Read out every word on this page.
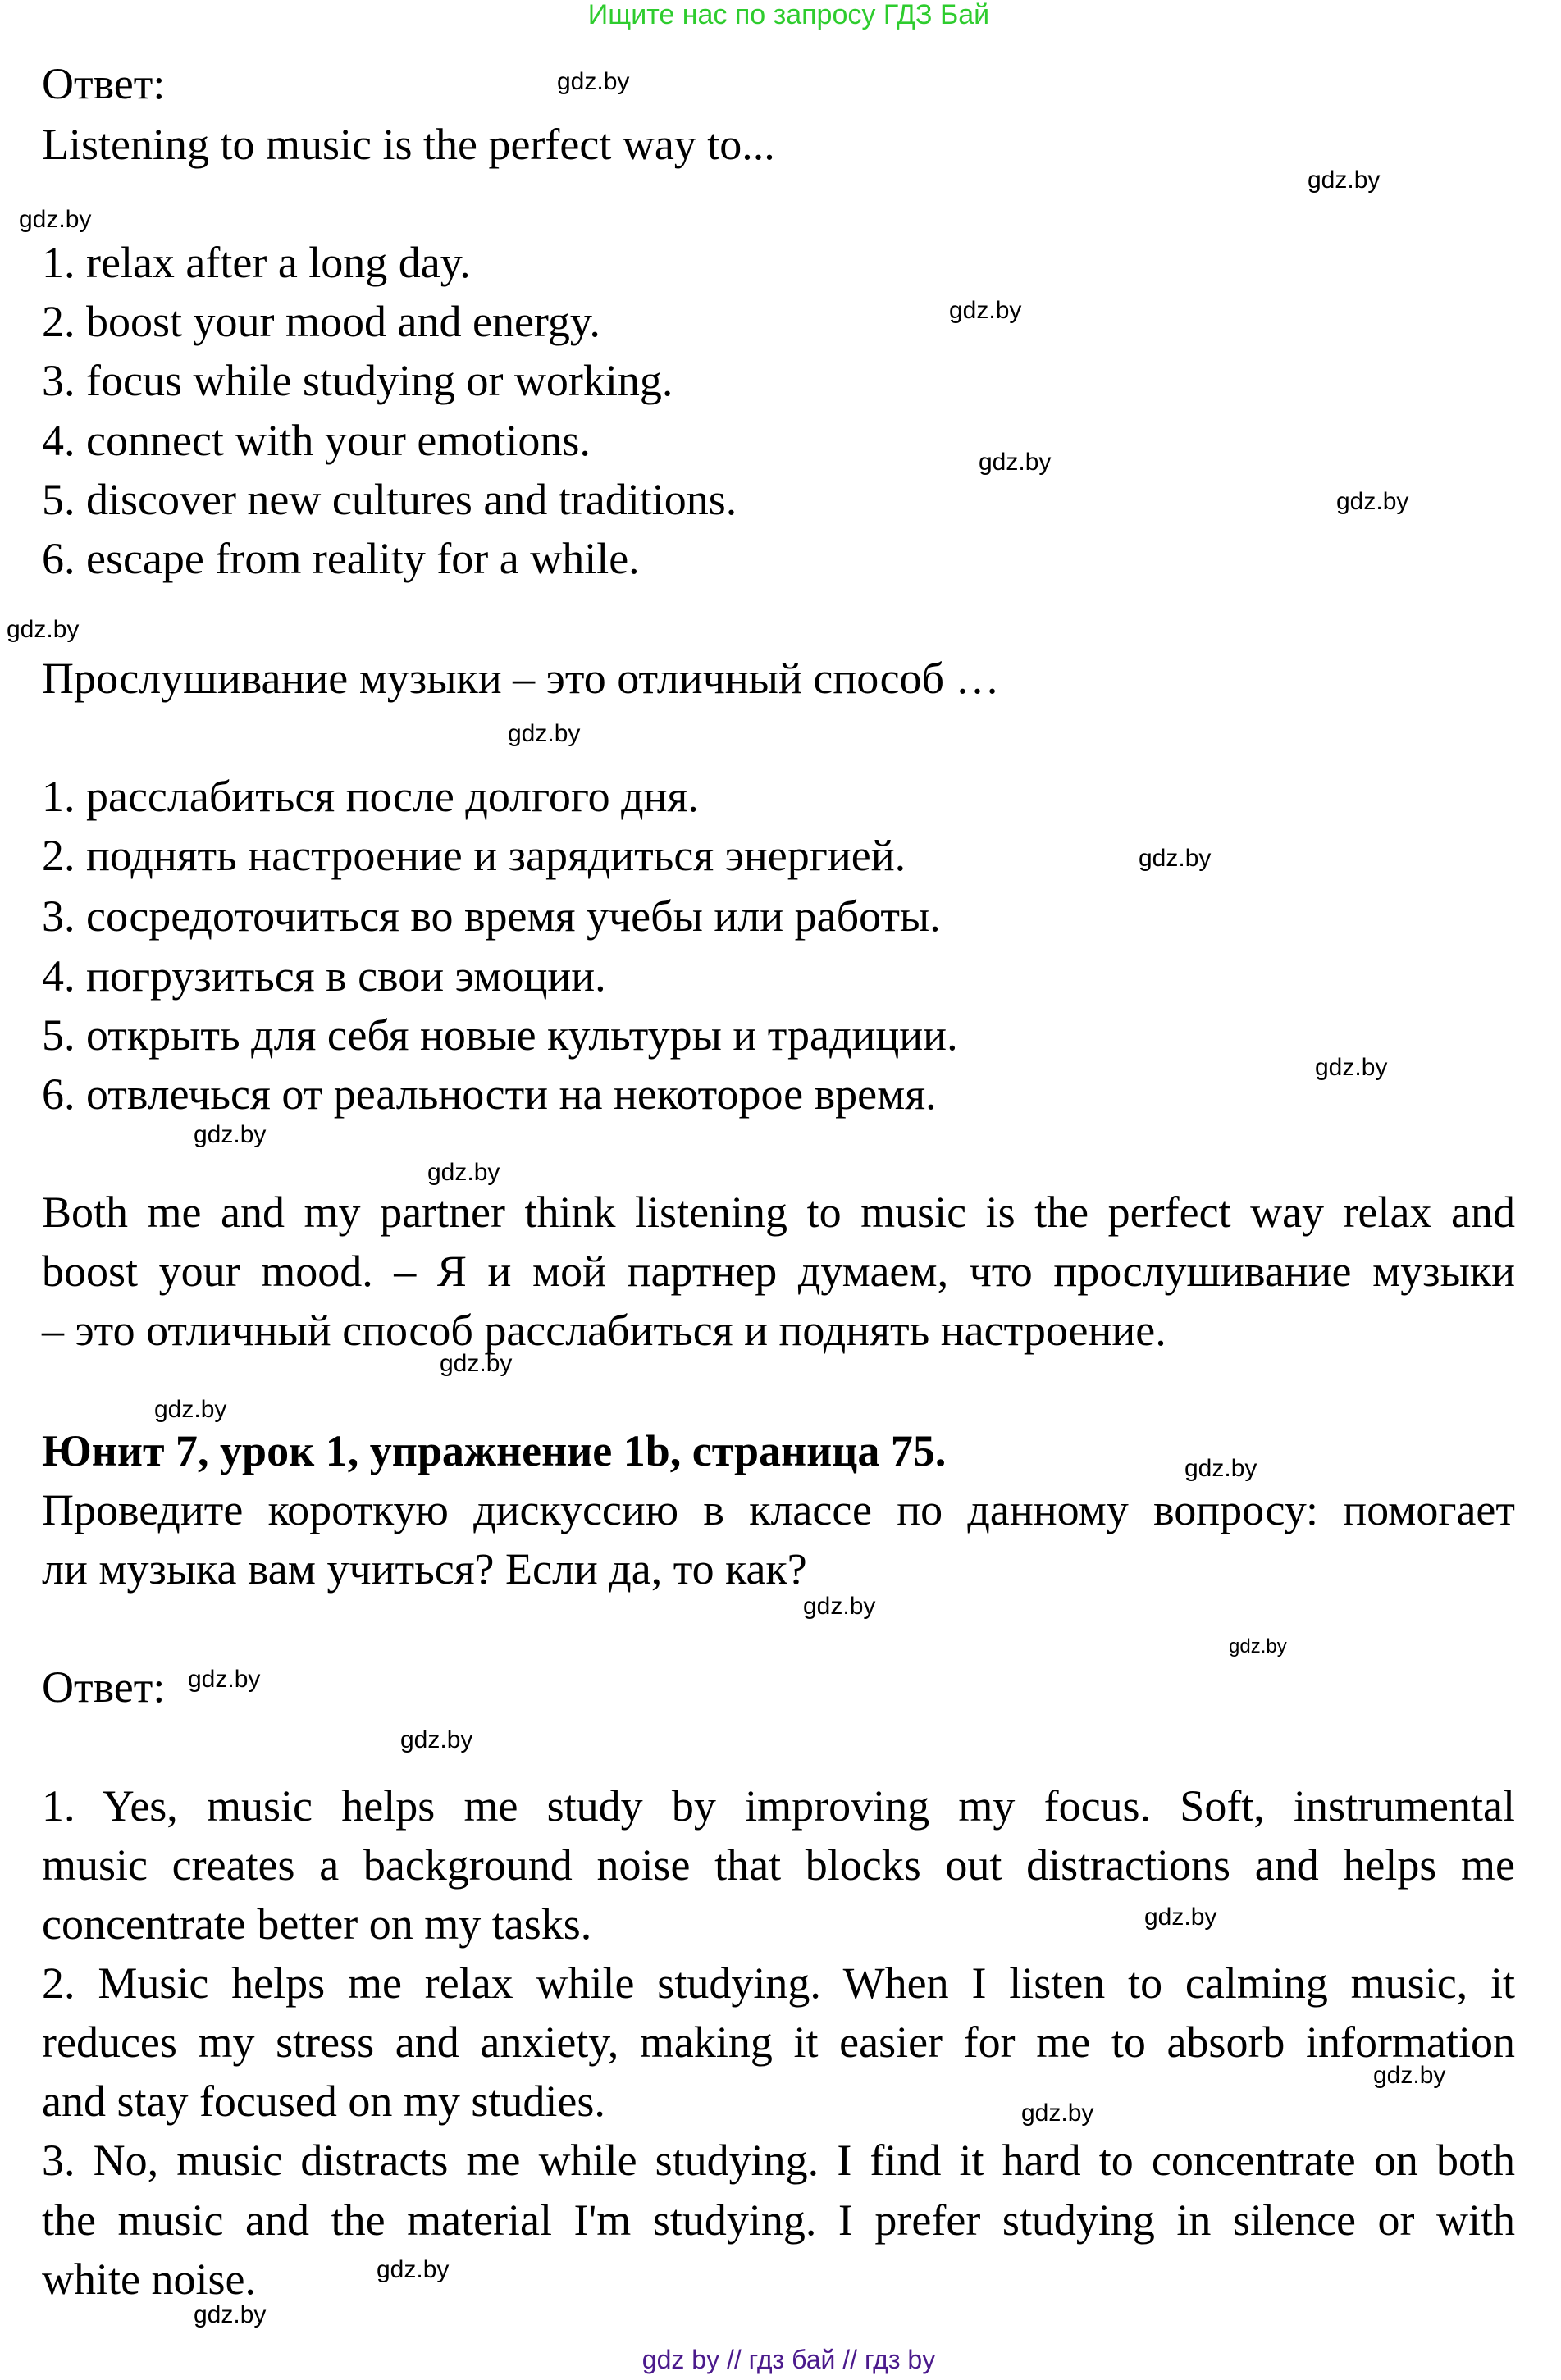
Ищите нас по запросу ГДЗ Бай
Ответ:
Listening to music is the perfect way to...
1. relax after a long day.
2. boost your mood and energy.
3. focus while studying or working.
4. connect with your emotions.
5. discover new cultures and traditions.
6. escape from reality for a while.
Прослушивание музыки – это отличный способ …
1. расслабиться после долгого дня.
2. поднять настроение и зарядиться энергией.
3. сосредоточиться во время учебы или работы.
4. погрузиться в свои эмоции.
5. открыть для себя новые культуры и традиции.
6. отвлечься от реальности на некоторое время.
Both me and my partner think listening to music is the perfect way relax and
boost your mood. – Я и мой партнер думаем, что прослушивание музыки
– это отличный способ расслабиться и поднять настроение.
Юнит 7, урок 1, упражнение 1b, страница 75.
Проведите короткую дискуссию в классе по данному вопросу: помогает
ли музыка вам учиться? Если да, то как?
Ответ:
1. Yes, music helps me study by improving my focus. Soft, instrumental
music creates a background noise that blocks out distractions and helps me
concentrate better on my tasks.
2. Music helps me relax while studying. When I listen to calming music, it
reduces my stress and anxiety, making it easier for me to absorb information
and stay focused on my studies.
3. No, music distracts me while studying. I find it hard to concentrate on both
the music and the material I'm studying. I prefer studying in silence or with
white noise.
gdz.by
gdz.by
gdz.by
gdz.by
gdz.by
gdz.by
gdz.by
gdz.by
gdz.by
gdz.by
gdz.by
gdz.by
gdz.by
gdz.by
gdz.by
gdz.by
gdz.by
gdz.by
gdz.by
gdz.by
gdz.by
gdz.by
gdz.by
gdz.by
gdz by // гдз бай // гдз by
